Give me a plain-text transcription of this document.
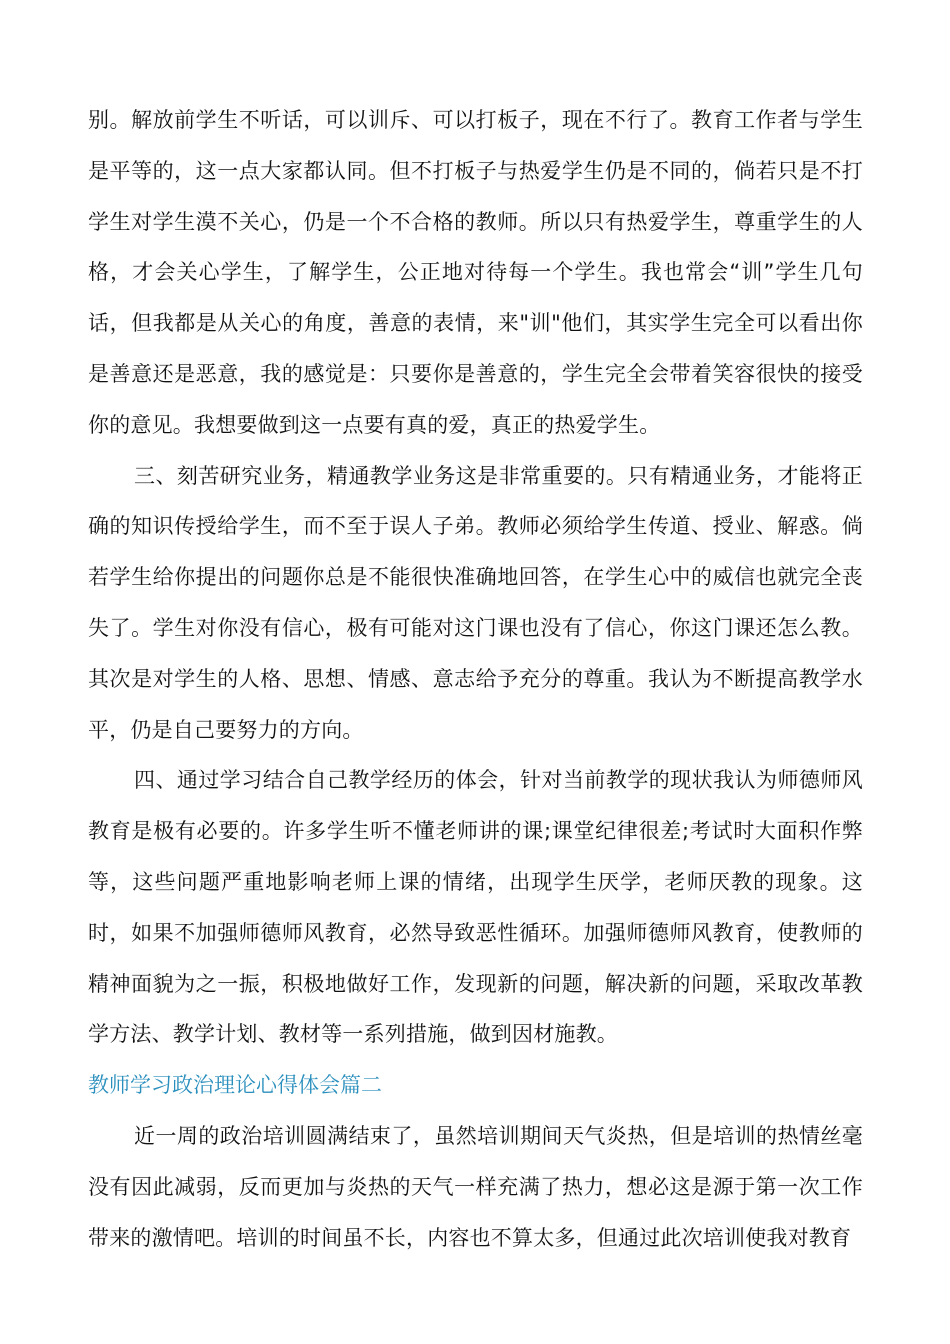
别。解放前学生不听话，可以训斥、可以打板子，现在不行了。教育工作者与学生是平等的，这一点大家都认同。但不打板子与热爱学生仍是不同的，倘若只是不打学生对学生漠不关心，仍是一个不合格的教师。所以只有热爱学生，尊重学生的人格，才会关心学生，了解学生，公正地对待每一个学生。我也常会“训”学生几句话，但我都是从关心的角度，善意的表情，来"训"他们，其实学生完全可以看出你是善意还是恶意，我的感觉是：只要你是善意的，学生完全会带着笑容很快的接受你的意见。我想要做到这一点要有真的爱，真正的热爱学生。

三、刻苦研究业务，精通教学业务这是非常重要的。只有精通业务，才能将正确的知识传授给学生，而不至于误人子弟。教师必须给学生传道、授业、解惑。倘若学生给你提出的问题你总是不能很快准确地回答，在学生心中的威信也就完全丧失了。学生对你没有信心，极有可能对这门课也没有了信心，你这门课还怎么教。其次是对学生的人格、思想、情感、意志给予充分的尊重。我认为不断提高教学水平，仍是自己要努力的方向。

四、通过学习结合自己教学经历的体会，针对当前教学的现状我认为师德师风教育是极有必要的。许多学生听不懂老师讲的课;课堂纪律很差;考试时大面积作弊等，这些问题严重地影响老师上课的情绪，出现学生厌学，老师厌教的现象。这时，如果不加强师德师风教育，必然导致恶性循环。加强师德师风教育，使教师的精神面貌为之一振，积极地做好工作，发现新的问题，解决新的问题，采取改革教学方法、教学计划、教材等一系列措施，做到因材施教。

教师学习政治理论心得体会篇二

近一周的政治培训圆满结束了，虽然培训期间天气炎热，但是培训的热情丝毫没有因此减弱，反而更加与炎热的天气一样充满了热力，想必这是源于第一次工作带来的激情吧。培训的时间虽不长，内容也不算太多，但通过此次培训使我对教育
